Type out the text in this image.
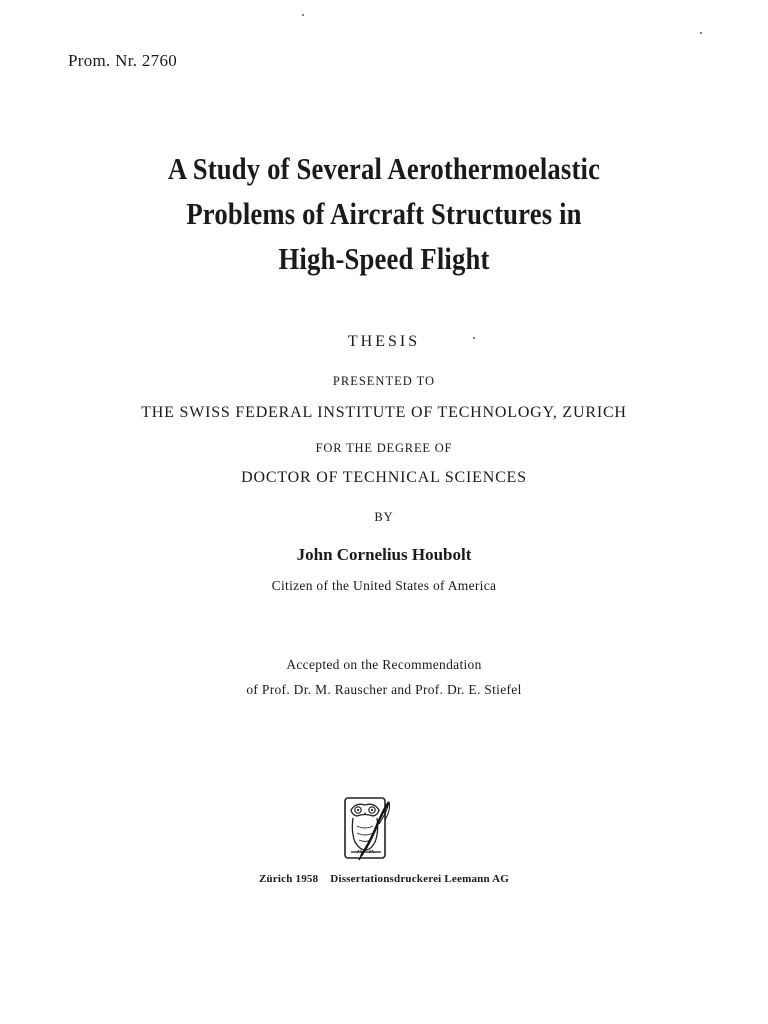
Prom. Nr. 2760
A Study of Several Aerothermoelastic
Problems of Aircraft Structures in
High-Speed Flight
THESIS
PRESENTED TO
THE SWISS FEDERAL INSTITUTE OF TECHNOLOGY, ZURICH
FOR THE DEGREE OF
DOCTOR OF TECHNICAL SCIENCES
BY
John Cornelius Houbolt
Citizen of the United States of America
Accepted on the Recommendation
of Prof. Dr. M. Rauscher and Prof. Dr. E. Stiefel
Zürich 1958 Dissertationsdruckerei Leemann AG
